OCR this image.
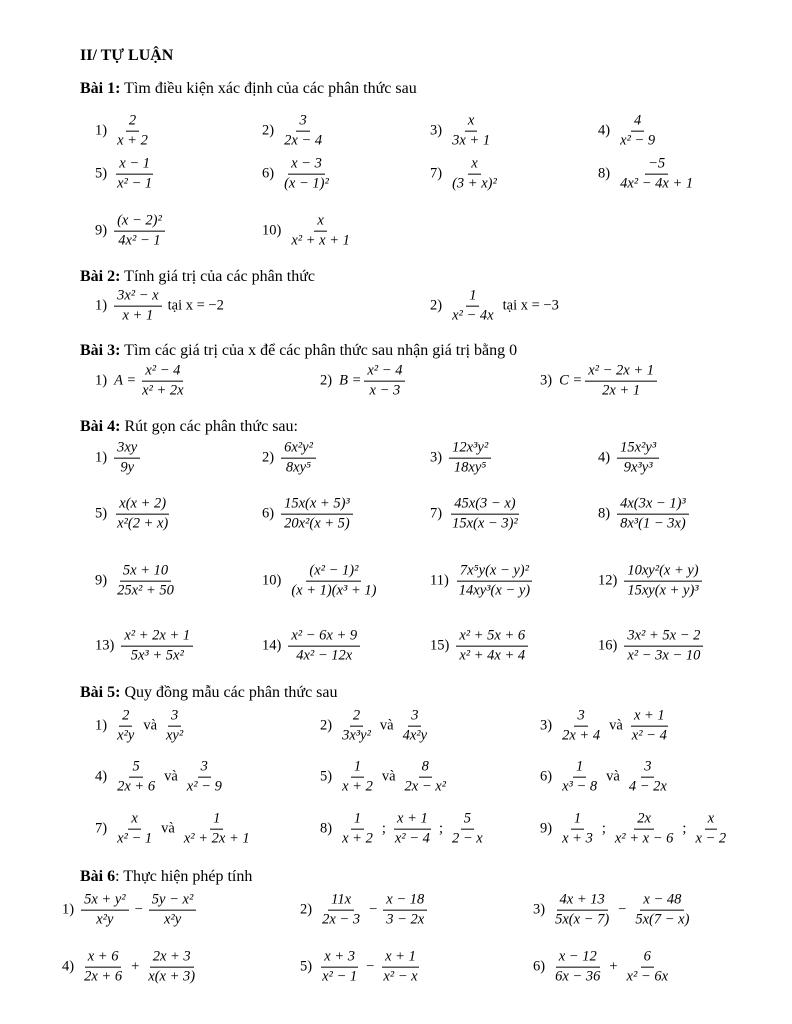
II/ TỰ LUẬN
Bài 1: Tìm điều kiện xác định của các phân thức sau
$1) \frac{2}{x + 2}$	$2) \frac{3}{2x - 4}$	$3) \frac{x}{3x + 1}$	$4) \frac{4}{\text{x² − 9}}$
$5) \frac{x - 1}{\text{x² − 1}}$	$6) \frac{x - 3}{\text{(x − 1)²}}$	$7) \frac{x}{\text{(3 + x)²}}$	$8) \frac{-5}{\text{4x² − 4x + 1}}$
$9) \frac{\text{(x − 2)²}}{\text{4x² − 1}}$	$10) \frac{x}{\text{x² + x + 1}}$
Bài 2: Tính giá trị của các phân thức
$1) \frac{\text{3x² − x}}{x + 1}$ tại x = −2	$2) \frac{1}{\text{x² − 4x}}$ tại x = −3
Bài 3: Tìm các giá trị của x để các phân thức sau nhận giá trị bằng 0
1) $A = \frac{\text{x² − 4}}{\text{x² + 2x}}$	2) $B = \frac{\text{x² − 4}}{x - 3}$	3) $C = \frac{\text{x² − 2x + 1}}{2x + 1}$
Bài 4: Rút gọn các phân thức sau:
$1) \frac{3xy}{9y}$	$2) \frac{\text{6x²y²}}{\text{8xy⁵}}$	$3) \frac{\text{12x³y²}}{\text{18xy⁵}}$	$4) \frac{\text{15x²y³}}{\text{9x³y³}}$
$5) \frac{x(x + 2)}{\text{x²(2 + x)}}$	$6) \frac{\text{15x(x + 5)³}}{\text{20x²(x + 5)}}$	$7) \frac{45x(3 - x)}{\text{15x(x − 3)²}}$	$8) \frac{\text{4x(3x − 1)³}}{\text{8x³(1 − 3x)}}$
$9) \frac{5x + 10}{\text{25x² + 50}}$	$10) \frac{\text{(x² − 1)²}}{\text{(x + 1)(x³ + 1)}}$	$11) \frac{\text{7x⁵y(x − y)²}}{\text{14xy³(x − y)}}$	$12) \frac{\text{10xy²(x + y)}}{\text{15xy(x + y)³}}$
$13) \frac{\text{x² + 2x + 1}}{\text{5x³ + 5x²}}$	$14) \frac{\text{x² − 6x + 9}}{\text{4x² − 12x}}$	$15) \frac{\text{x² + 5x + 6}}{\text{x² + 4x + 4}}$	$16) \frac{\text{3x² + 5x − 2}}{\text{x² − 3x − 10}}$
Bài 5: Quy đồng mẫu các phân thức sau
$1) \frac{2}{\text{x²y}}$ và $\frac{3}{\text{xy²}}$	$2) \frac{2}{\text{3x³y²}}$ và $\frac{3}{\text{4x²y}}$	$3) \frac{3}{2x + 4}$ và $\frac{x + 1}{\text{x² − 4}}$
$4) \frac{5}{2x + 6}$ và $\frac{3}{\text{x² − 9}}$	$5) \frac{1}{x + 2}$ và $\frac{8}{\text{2x − x²}}$	$6) \frac{1}{\text{x³ − 8}}$ và $\frac{3}{4 - 2x}$
$7) \frac{x}{\text{x² − 1}}$ và $\frac{1}{\text{x² + 2x + 1}}$	$8) \frac{1}{x + 2}$ ; $\frac{x + 1}{\text{x² − 4}}$ ; $\frac{5}{2 - x}$	$9) \frac{1}{x + 3}$ ; $\frac{2x}{\text{x² + x − 6}}$ ; $\frac{x}{x - 2}$
Bài 6: Thực hiện phép tính
$1) \frac{\text{5x + y²}}{\text{x²y}} - \frac{\text{5y − x²}}{\text{x²y}}$	$2) \frac{11x}{2x - 3} - \frac{x - 18}{3 - 2x}$	$3) \frac{4x + 13}{5x(x - 7)} - \frac{x - 48}{5x(7 - x)}$
$4) \frac{x + 6}{2x + 6} + \frac{2x + 3}{x(x + 3)}$	$5) \frac{x + 3}{\text{x² − 1}} - \frac{x + 1}{\text{x² − x}}$	$6) \frac{x - 12}{6x - 36} + \frac{6}{\text{x² − 6x}}$
